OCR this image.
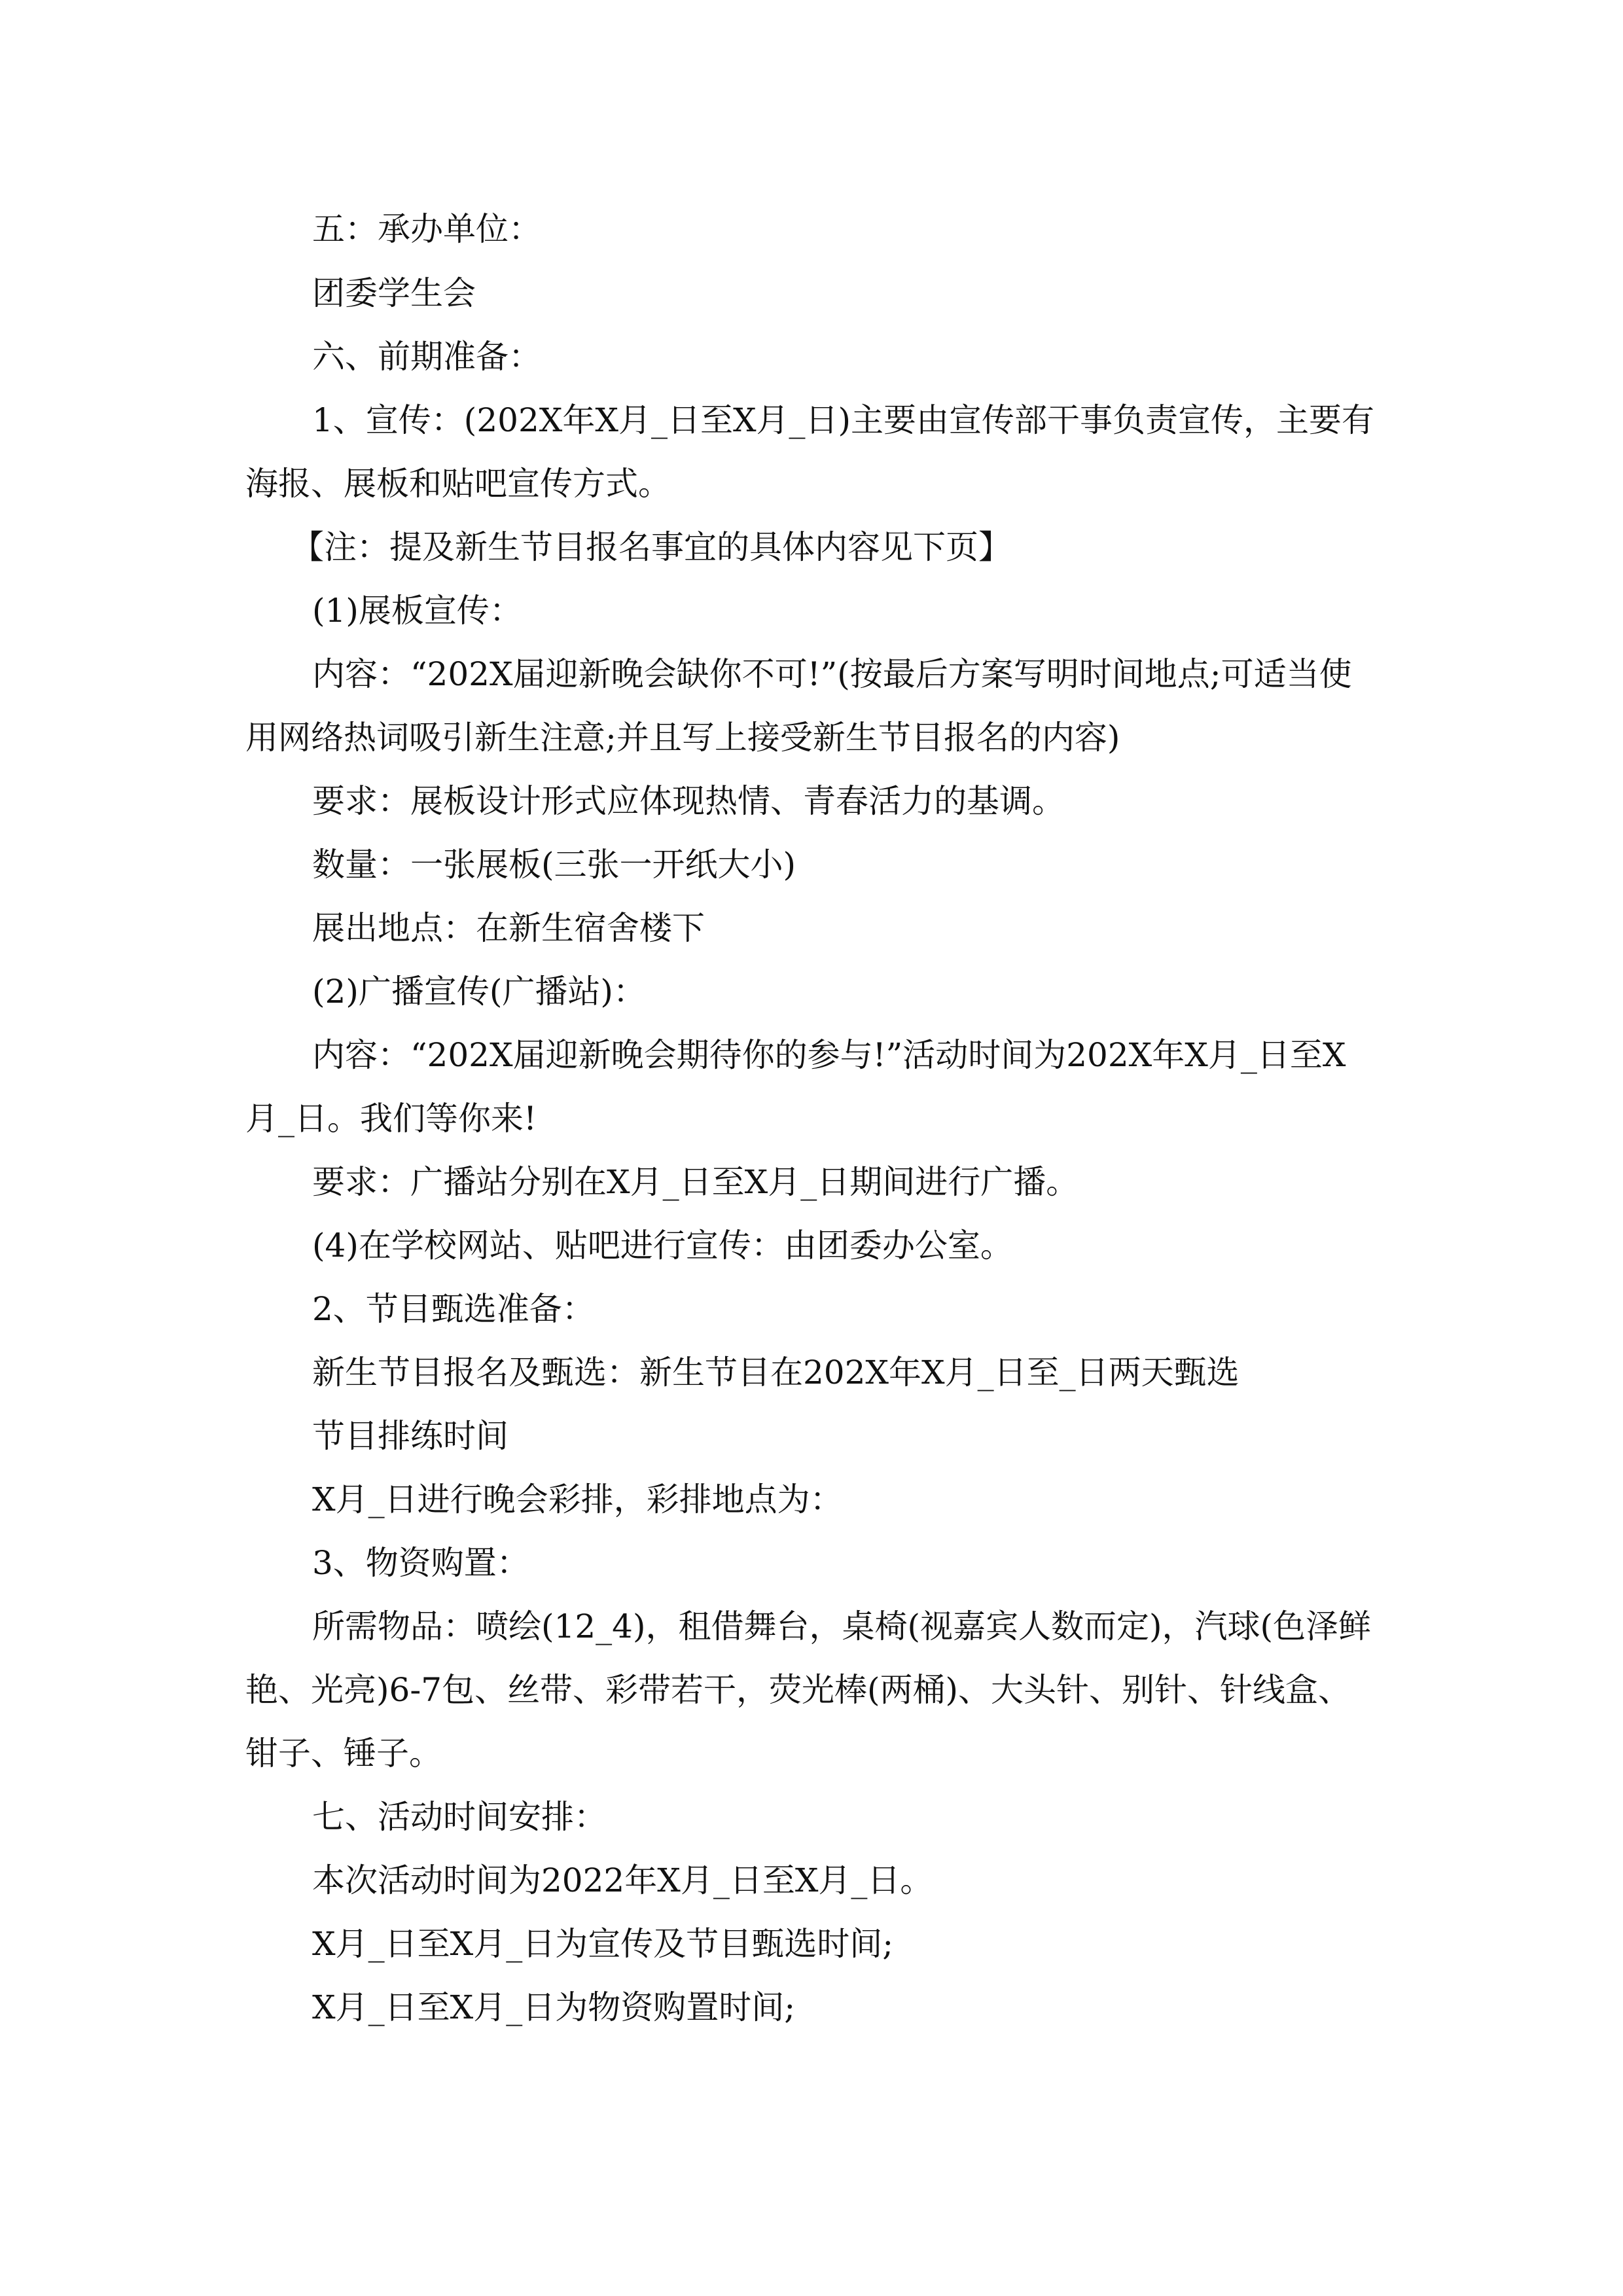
五：承办单位：
团委学生会
六、前期准备：
1、宣传：(202X年X月_日至X月_日)主要由宣传部干事负责宣传，主要有
海报、展板和贴吧宣传方式。
【注：提及新生节目报名事宜的具体内容见下页】
(1)展板宣传：
内容：“202X届迎新晚会缺你不可!”(按最后方案写明时间地点;可适当使
用网络热词吸引新生注意;并且写上接受新生节目报名的内容)
要求：展板设计形式应体现热情、青春活力的基调。
数量：一张展板(三张一开纸大小)
展出地点：在新生宿舍楼下
(2)广播宣传(广播站)：
内容：“202X届迎新晚会期待你的参与!”活动时间为202X年X月_日至X
月_日。我们等你来!
要求：广播站分别在X月_日至X月_日期间进行广播。
(4)在学校网站、贴吧进行宣传：由团委办公室。
2、节目甄选准备：
新生节目报名及甄选：新生节目在202X年X月_日至_日两天甄选
节目排练时间
X月_日进行晚会彩排，彩排地点为：
3、物资购置：
所需物品：喷绘(12_4)，租借舞台，桌椅(视嘉宾人数而定)，汽球(色泽鲜
艳、光亮)6-7包、丝带、彩带若干，荧光棒(两桶)、大头针、别针、针线盒、
钳子、锤子。
七、活动时间安排：
本次活动时间为2022年X月_日至X月_日。
X月_日至X月_日为宣传及节目甄选时间;
X月_日至X月_日为物资购置时间;
